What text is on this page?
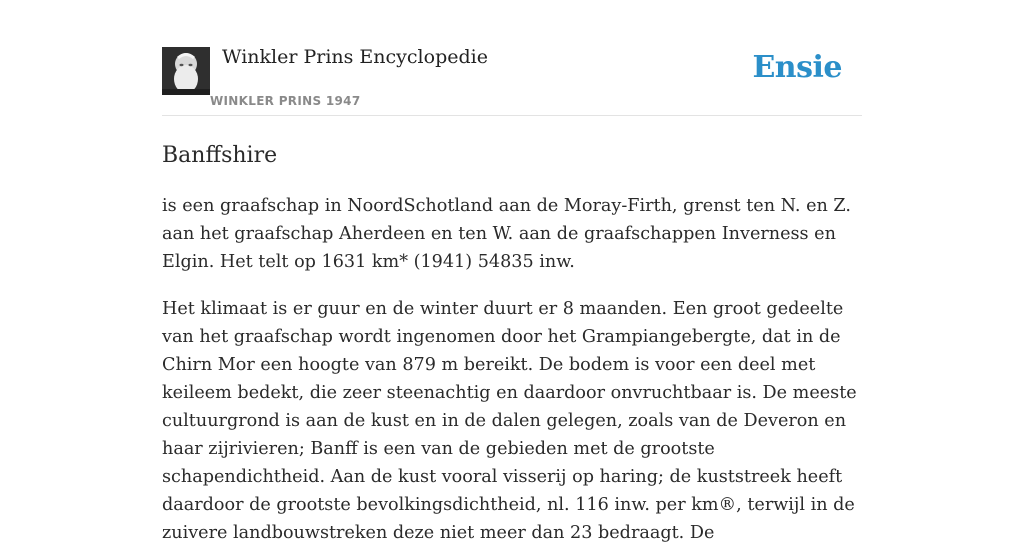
Winkler Prins Encyclopedie
WINKLER PRINS 1947
Ensie
Banffshire

is een graafschap in NoordSchotland aan de Moray-Firth, grenst ten N. en Z. aan het graafschap Aherdeen en ten W. aan de graafschappen Inverness en Elgin. Het telt op 1631 km* (1941) 54835 inw.

Het klimaat is er guur en de winter duurt er 8 maanden. Een groot gedeelte van het graafschap wordt ingenomen door het Grampiangebergte, dat in de Chirn Mor een hoogte van 879 m bereikt. De bodem is voor een deel met keileem bedekt, die zeer steenachtig en daardoor onvruchtbaar is. De meeste cultuurgrond is aan de kust en in de dalen gelegen, zoals van de Deveron en haar zijrivieren; Banff is een van de gebieden met de grootste schapendichtheid. Aan de kust vooral visserij op haring; de kuststreek heeft daardoor de grootste bevolkingsdichtheid, nl. 116 inw. per km®, terwijl in de zuivere landbouwstreken deze niet meer dan 23 bedraagt. De
